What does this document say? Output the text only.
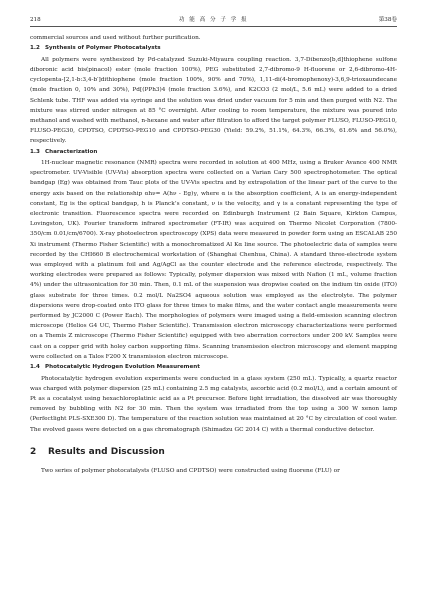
218	功 能 高 分 子 学 报	第38卷

commercial sources and used without further purification.

1.2 Synthesis of Polymer Photocatalysts

All polymers were synthesized by Pd-catalyzed Suzuki-Miyaura coupling reaction. 3,7-Dibenzo[b,d]thiophene sulfone diboronic acid bis(pinacol) ester (mole fraction 100%), PEG substituted 2,7-dibromo-9 H-fluorene or 2,6-dibromo-4H-cyclopenta-[2,1-b:3,4-b′]dithiophene (mole fraction 100%, 90% and 70%), 1,11-di(4-bromophenoxy)-3,6,9-trioxaundecane (mole fraction 0, 10% and 30%), Pd[(PPh3)4 (mole fraction 3.6%), and K2CO3 (2 mol/L, 5.6 mL) were added to a dried Schlenk tube. THF was added via syringe and the solution was dried under vacuum for 5 min and then purged with N2. The mixture was stirred under nitrogen at 85 °C overnight. After cooling to room temperature, the mixture was poured into methanol and washed with methanol, n-hexane and water after filtration to afford the target polymer FLUSO, FLUSO-PEG10, FLUSO-PEG30, CPDTSO, CPDTSO-PEG10 and CPDTSO-PEG30 (Yield: 59.2%, 51.1%, 64.3%, 66.3%, 61.6% and 56.0%), respectively.

1.3 Characterization

1H-nuclear magnetic resonance (NMR) spectra were recorded in solution at 400 MHz, using a Bruker Avance 400 NMR spectrometer. UV-Visible (UV-Vis) absorption spectra were collected on a Varian Cary 500 spectrophotometer. The optical bandgap (Eg) was obtained from Tauc plots of the UV-Vis spectra and by extrapolation of the linear part of the curve to the energy axis based on the relationship αhν= A(hν - Eg)γ, where α is the absorption coefficient, A is an energy-independent constant, Eg is the optical bandgap, h is Planck’s constant, ν is the velocity, and γ is a constant representing the type of electronic transition. Fluorescence spectra were recorded on Edinburgh Instrument (2 Bain Square, Kirkton Campus, Lovingston, UK). Fourier transform infrared spectrometer (FT-IR) was acquired on Thermo Nicolet Corporation (7800-350/cm 0.01/cm/6700). X-ray photoelectron spectroscopy (XPS) data were measured in powder form using an ESCALAB 250 Xi instrument (Thermo Fisher Scientific) with a monochromatized Al Kα line source. The photoelectric data of samples were recorded by the CHI660 B electrochemical workstation of (Shanghai Chenhua, China). A standard three-electrode system was employed with a platinum foil and Ag/AgCl as the counter electrode and the reference electrode, respectively. The working electrodes were prepared as follows: Typically, polymer dispersion was mixed with Nafion (1 mL, volume fraction 4%) under the ultrasonication for 30 min. Then, 0.1 mL of the suspension was dropwise coated on the indium tin oxide (ITO) glass substrate for three times. 0.2 mol/L Na2SO4 aqueous solution was employed as the electrolyte. The polymer dispersions were drop-coated onto ITO glass for three times to make films, and the water contact angle measurements were performed by JC2000 C (Power Each). The morphologies of polymers were imaged using a field-emission scanning electron microscope (Helios G4 UC, Thermo Fisher Scientific). Transmission electron microscopy characterizations were performed on a Themis Z microscope (Thermo Fisher Scientific) equipped with two aberration correctors under 200 kV. Samples were cast on a copper grid with holey carbon supporting films. Scanning transmission electron microscopy and element mapping were collected on a Talos F200 X transmission electron microscope.

1.4 Photocatalytic Hydrogen Evolution Measurement

Photocatalytic hydrogen evolution experiments were conducted in a glass system (250 mL). Typically, a quartz reactor was charged with polymer dispersion (25 mL) containing 2.5 mg catalysts, ascorbic acid (0.2 mol/L), and a certain amount of Pt as a cocatalyst using hexachloroplatinic acid as a Pt precursor. Before light irradiation, the dissolved air was thoroughly removed by bubbling with N2 for 30 min. Then the system was irradiated from the top using a 300 W xenon lamp (Perfectlight PLS-SXE300 D). The temperature of the reaction solution was maintained at 20 °C by circulation of cool water. The evolved gases were detected on a gas chromatograph (Shimadzu GC 2014 C) with a thermal conductive detector.

2 Results and Discussion

Two series of polymer photocatalysts (FLUSO and CPDTSO) were constructed using fluorene (FLU) or
